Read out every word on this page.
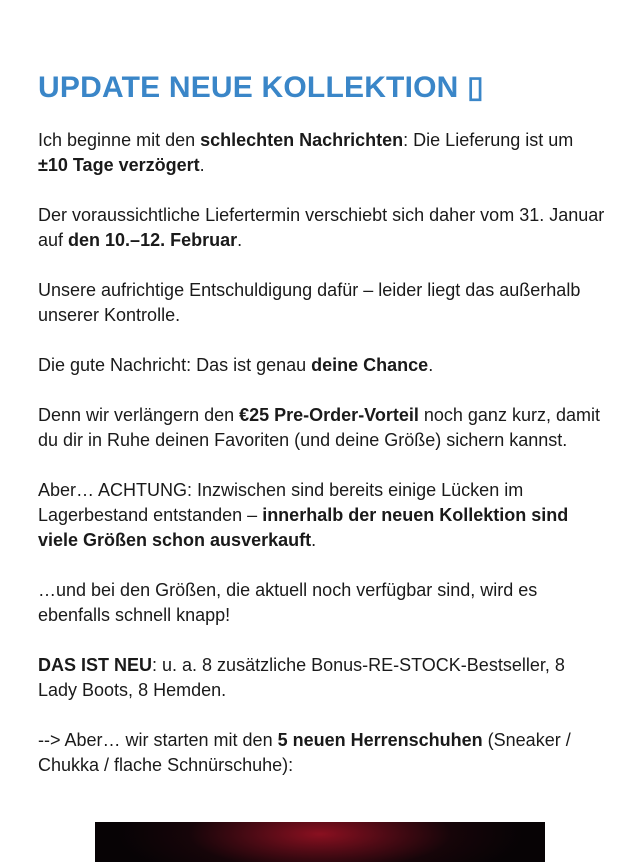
UPDATE NEUE KOLLEKTION ▯

Ich beginne mit den schlechten Nachrichten: Die Lieferung ist um ±10 Tage verzögert.

Der voraussichtliche Liefertermin verschiebt sich daher vom 31. Januar auf den 10.–12. Februar.

Unsere aufrichtige Entschuldigung dafür – leider liegt das außerhalb unserer Kontrolle.

Die gute Nachricht: Das ist genau deine Chance.

Denn wir verlängern den €25 Pre-Order-Vorteil noch ganz kurz, damit du dir in Ruhe deinen Favoriten (und deine Größe) sichern kannst.

Aber… ACHTUNG: Inzwischen sind bereits einige Lücken im Lagerbestand entstanden – innerhalb der neuen Kollektion sind viele Größen schon ausverkauft.

…und bei den Größen, die aktuell noch verfügbar sind, wird es ebenfalls schnell knapp!

DAS IST NEU: u. a. 8 zusätzliche Bonus-RE-STOCK-Bestseller, 8 Lady Boots, 8 Hemden.

--> Aber… wir starten mit den 5 neuen Herrenschuhen (Sneaker / Chukka / flache Schnürschuhe):
